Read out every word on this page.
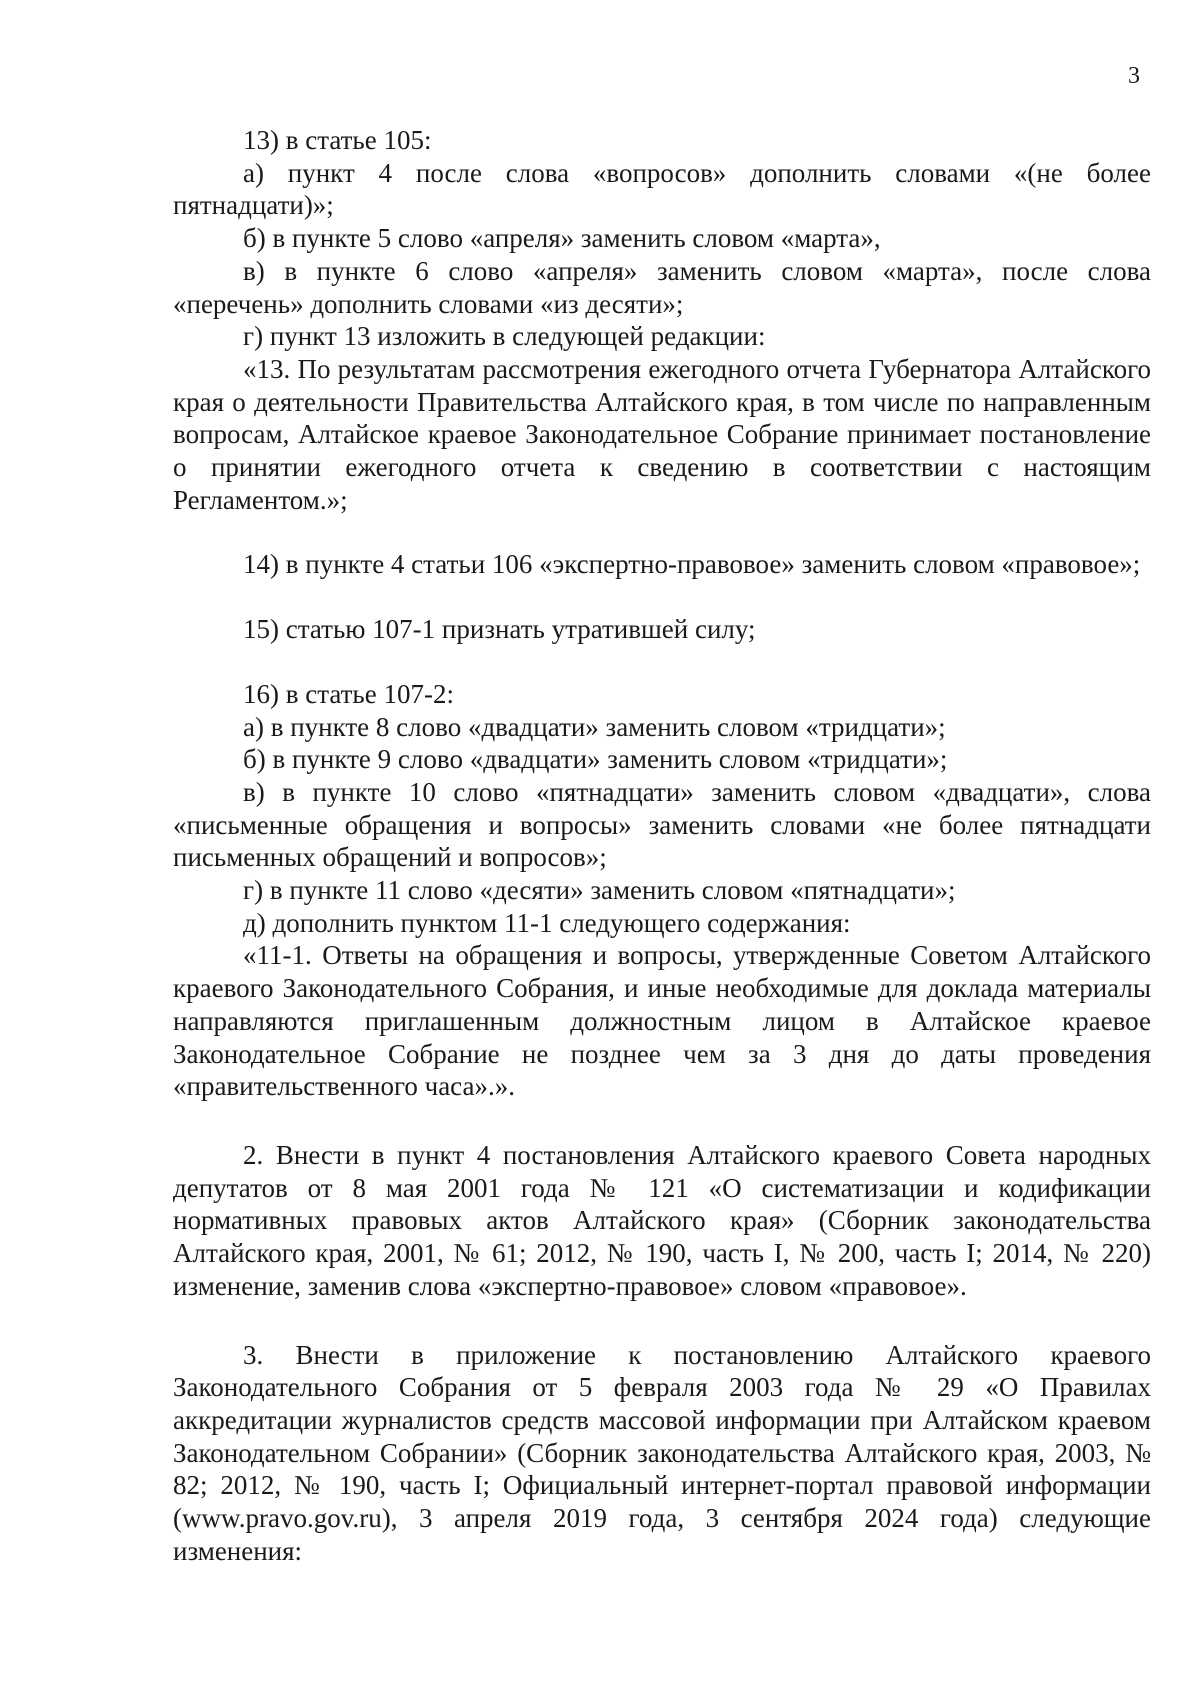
3

13) в статье 105:

а) пункт 4 после слова «вопросов» дополнить словами «(не более пятнадцати)»;

б) в пункте 5 слово «апреля» заменить словом «марта»,

в) в пункте 6 слово «апреля» заменить словом «марта», после слова «перечень» дополнить словами «из десяти»;

г) пункт 13 изложить в следующей редакции:

«13. По результатам рассмотрения ежегодного отчета Губернатора Алтайского края о деятельности Правительства Алтайского края, в том числе по направленным вопросам, Алтайское краевое Законодательное Собрание принимает постановление о принятии ежегодного отчета к сведению в соответствии с настоящим Регламентом.»;

14) в пункте 4 статьи 106 «экспертно-правовое» заменить словом «правовое»;

15) статью 107-1 признать утратившей силу;

16) в статье 107-2:

а) в пункте 8 слово «двадцати» заменить словом «тридцати»;

б) в пункте 9 слово «двадцати» заменить словом «тридцати»;

в) в пункте 10 слово «пятнадцати» заменить словом «двадцати», слова «письменные обращения и вопросы» заменить словами «не более пятнадцати письменных обращений и вопросов»;

г) в пункте 11 слово «десяти» заменить словом «пятнадцати»;

д) дополнить пунктом 11-1 следующего содержания:

«11-1. Ответы на обращения и вопросы, утвержденные Советом Алтайского краевого Законодательного Собрания, и иные необходимые для доклада материалы направляются приглашенным должностным лицом в Алтайское краевое Законодательное Собрание не позднее чем за 3 дня до даты проведения «правительственного часа».».

2. Внести в пункт 4 постановления Алтайского краевого Совета народных депутатов от 8 мая 2001 года № 121 «О систематизации и кодификации нормативных правовых актов Алтайского края» (Сборник законодательства Алтайского края, 2001, № 61; 2012, № 190, часть I, № 200, часть I; 2014, № 220) изменение, заменив слова «экспертно-правовое» словом «правовое».

3. Внести в приложение к постановлению Алтайского краевого Законодательного Собрания от 5 февраля 2003 года № 29 «О Правилах аккредитации журналистов средств массовой информации при Алтайском краевом Законодательном Собрании» (Сборник законодательства Алтайского края, 2003, № 82; 2012, № 190, часть I; Официальный интернет-портал правовой информации (www.pravo.gov.ru), 3 апреля 2019 года, 3 сентября 2024 года) следующие изменения:
